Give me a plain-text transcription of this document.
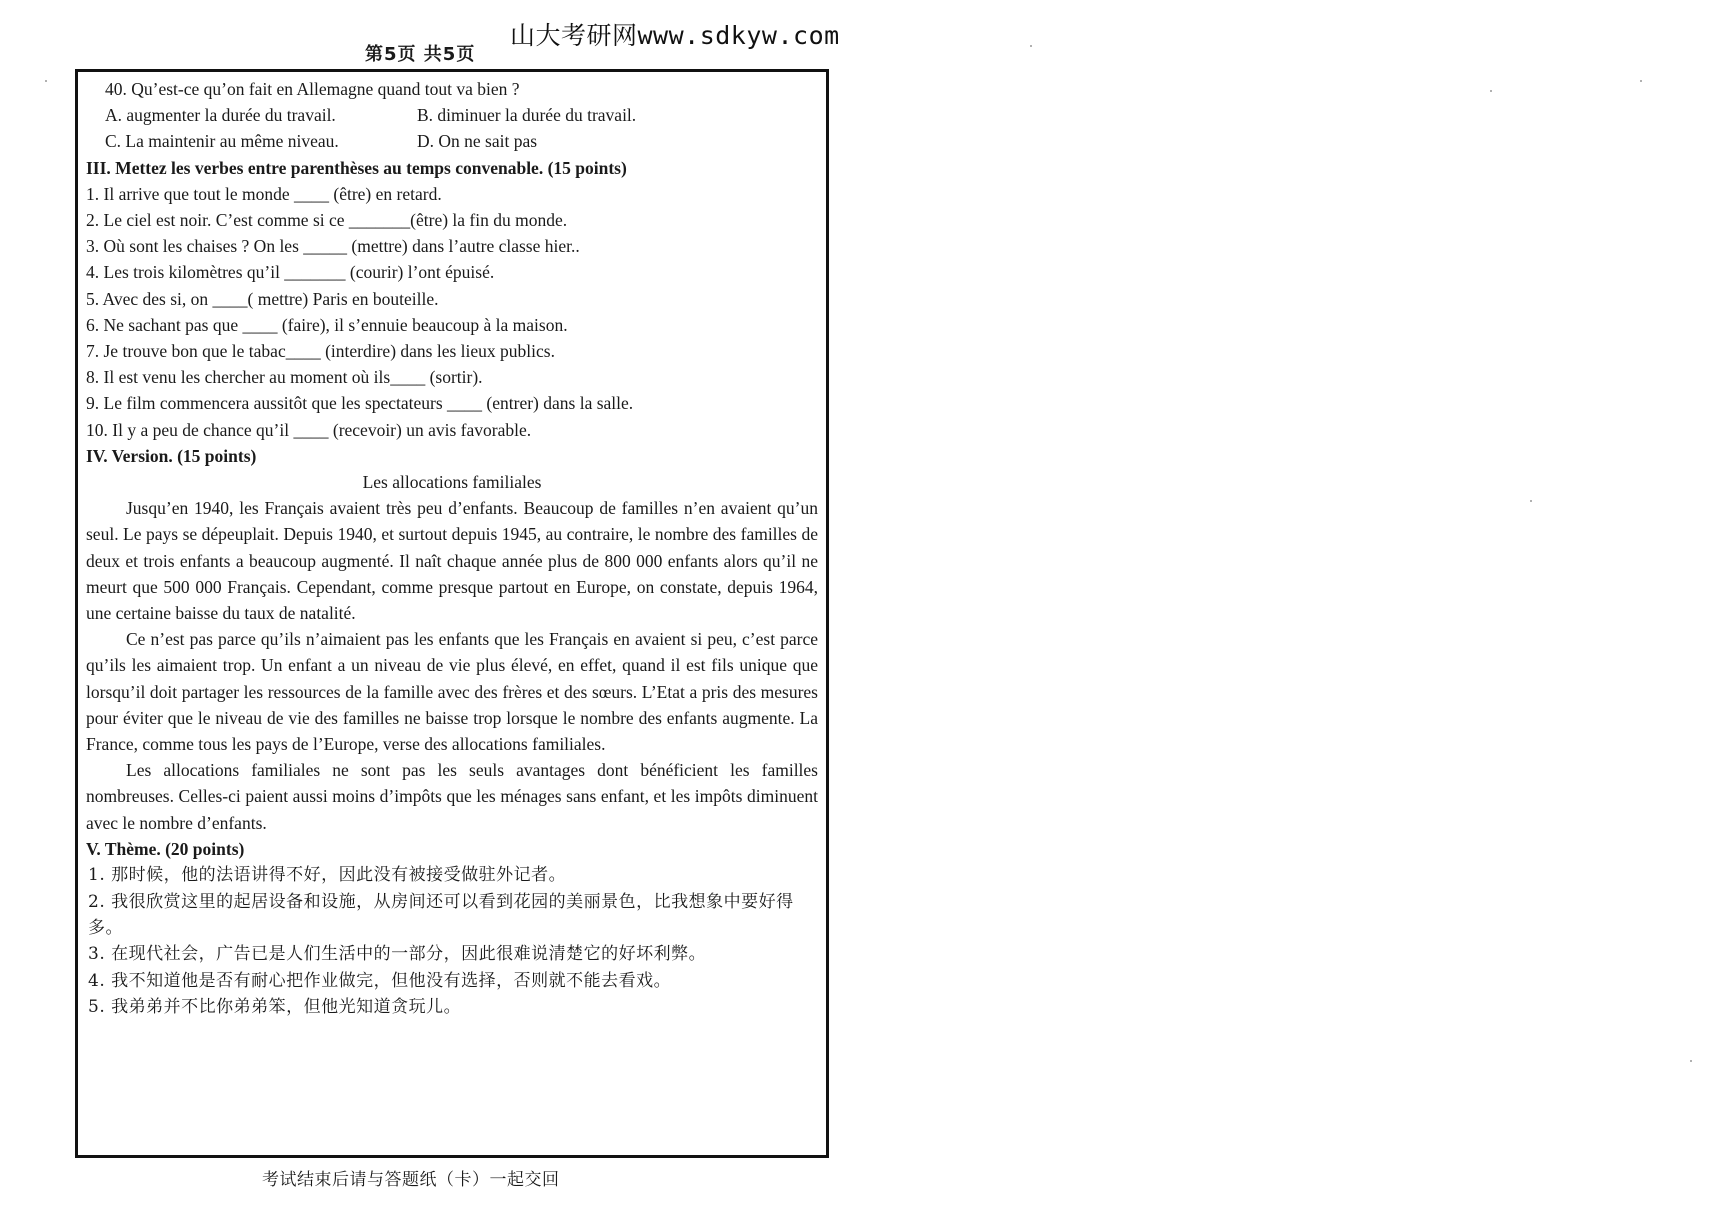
山大考研网www.sdkyw.com
第5页 共5页
40. Qu’est-ce qu’on fait en Allemagne quand tout va bien ?
A. augmenter la durée du travail.	B. diminuer la durée du travail.
C. La maintenir au même niveau.	D. On ne sait pas
III. Mettez les verbes entre parenthèses au temps convenable. (15 points)
1. Il arrive que tout le monde ____ (être) en retard.
2. Le ciel est noir. C’est comme si ce _______(être) la fin du monde.
3. Où sont les chaises ? On les _____ (mettre) dans l’autre classe hier..
4. Les trois kilomètres qu’il _______ (courir) l’ont épuisé.
5. Avec des si, on ____( mettre) Paris en bouteille.
6. Ne sachant pas que ____ (faire), il s’ennuie beaucoup à la maison.
7. Je trouve bon que le tabac____ (interdire) dans les lieux publics.
8. Il est venu les chercher au moment où ils____ (sortir).
9. Le film commencera aussitôt que les spectateurs ____ (entrer) dans la salle.
10. Il y a peu de chance qu’il ____ (recevoir) un avis favorable.
IV. Version. (15 points)
Les allocations familiales

Jusqu’en 1940, les Français avaient très peu d’enfants. Beaucoup de familles n’en avaient qu’un seul. Le pays se dépeuplait. Depuis 1940, et surtout depuis 1945, au contraire, le nombre des familles de deux et trois enfants a beaucoup augmenté. Il naît chaque année plus de 800 000 enfants alors qu’il ne meurt que 500 000 Français. Cependant, comme presque partout en Europe, on constate, depuis 1964, une certaine baisse du taux de natalité.

Ce n’est pas parce qu’ils n’aimaient pas les enfants que les Français en avaient si peu, c’est parce qu’ils les aimaient trop. Un enfant a un niveau de vie plus élevé, en effet, quand il est fils unique que lorsqu’il doit partager les ressources de la famille avec des frères et des sœurs. L’Etat a pris des mesures pour éviter que le niveau de vie des familles ne baisse trop lorsque le nombre des enfants augmente. La France, comme tous les pays de l’Europe, verse des allocations familiales.

Les allocations familiales ne sont pas les seuls avantages dont bénéficient les familles nombreuses. Celles-ci paient aussi moins d’impôts que les ménages sans enfant, et les impôts diminuent avec le nombre d’enfants.

V. Thème. (20 points)
1. 那时候，他的法语讲得不好，因此没有被接受做驻外记者。
2. 我很欣赏这里的起居设备和设施，从房间还可以看到花园的美丽景色，比我想象中要好得多。
3. 在现代社会，广告已是人们生活中的一部分，因此很难说清楚它的好坏利弊。
4. 我不知道他是否有耐心把作业做完，但他没有选择，否则就不能去看戏。
5. 我弟弟并不比你弟弟笨，但他光知道贪玩儿。
考试结束后请与答题纸（卡）一起交回
